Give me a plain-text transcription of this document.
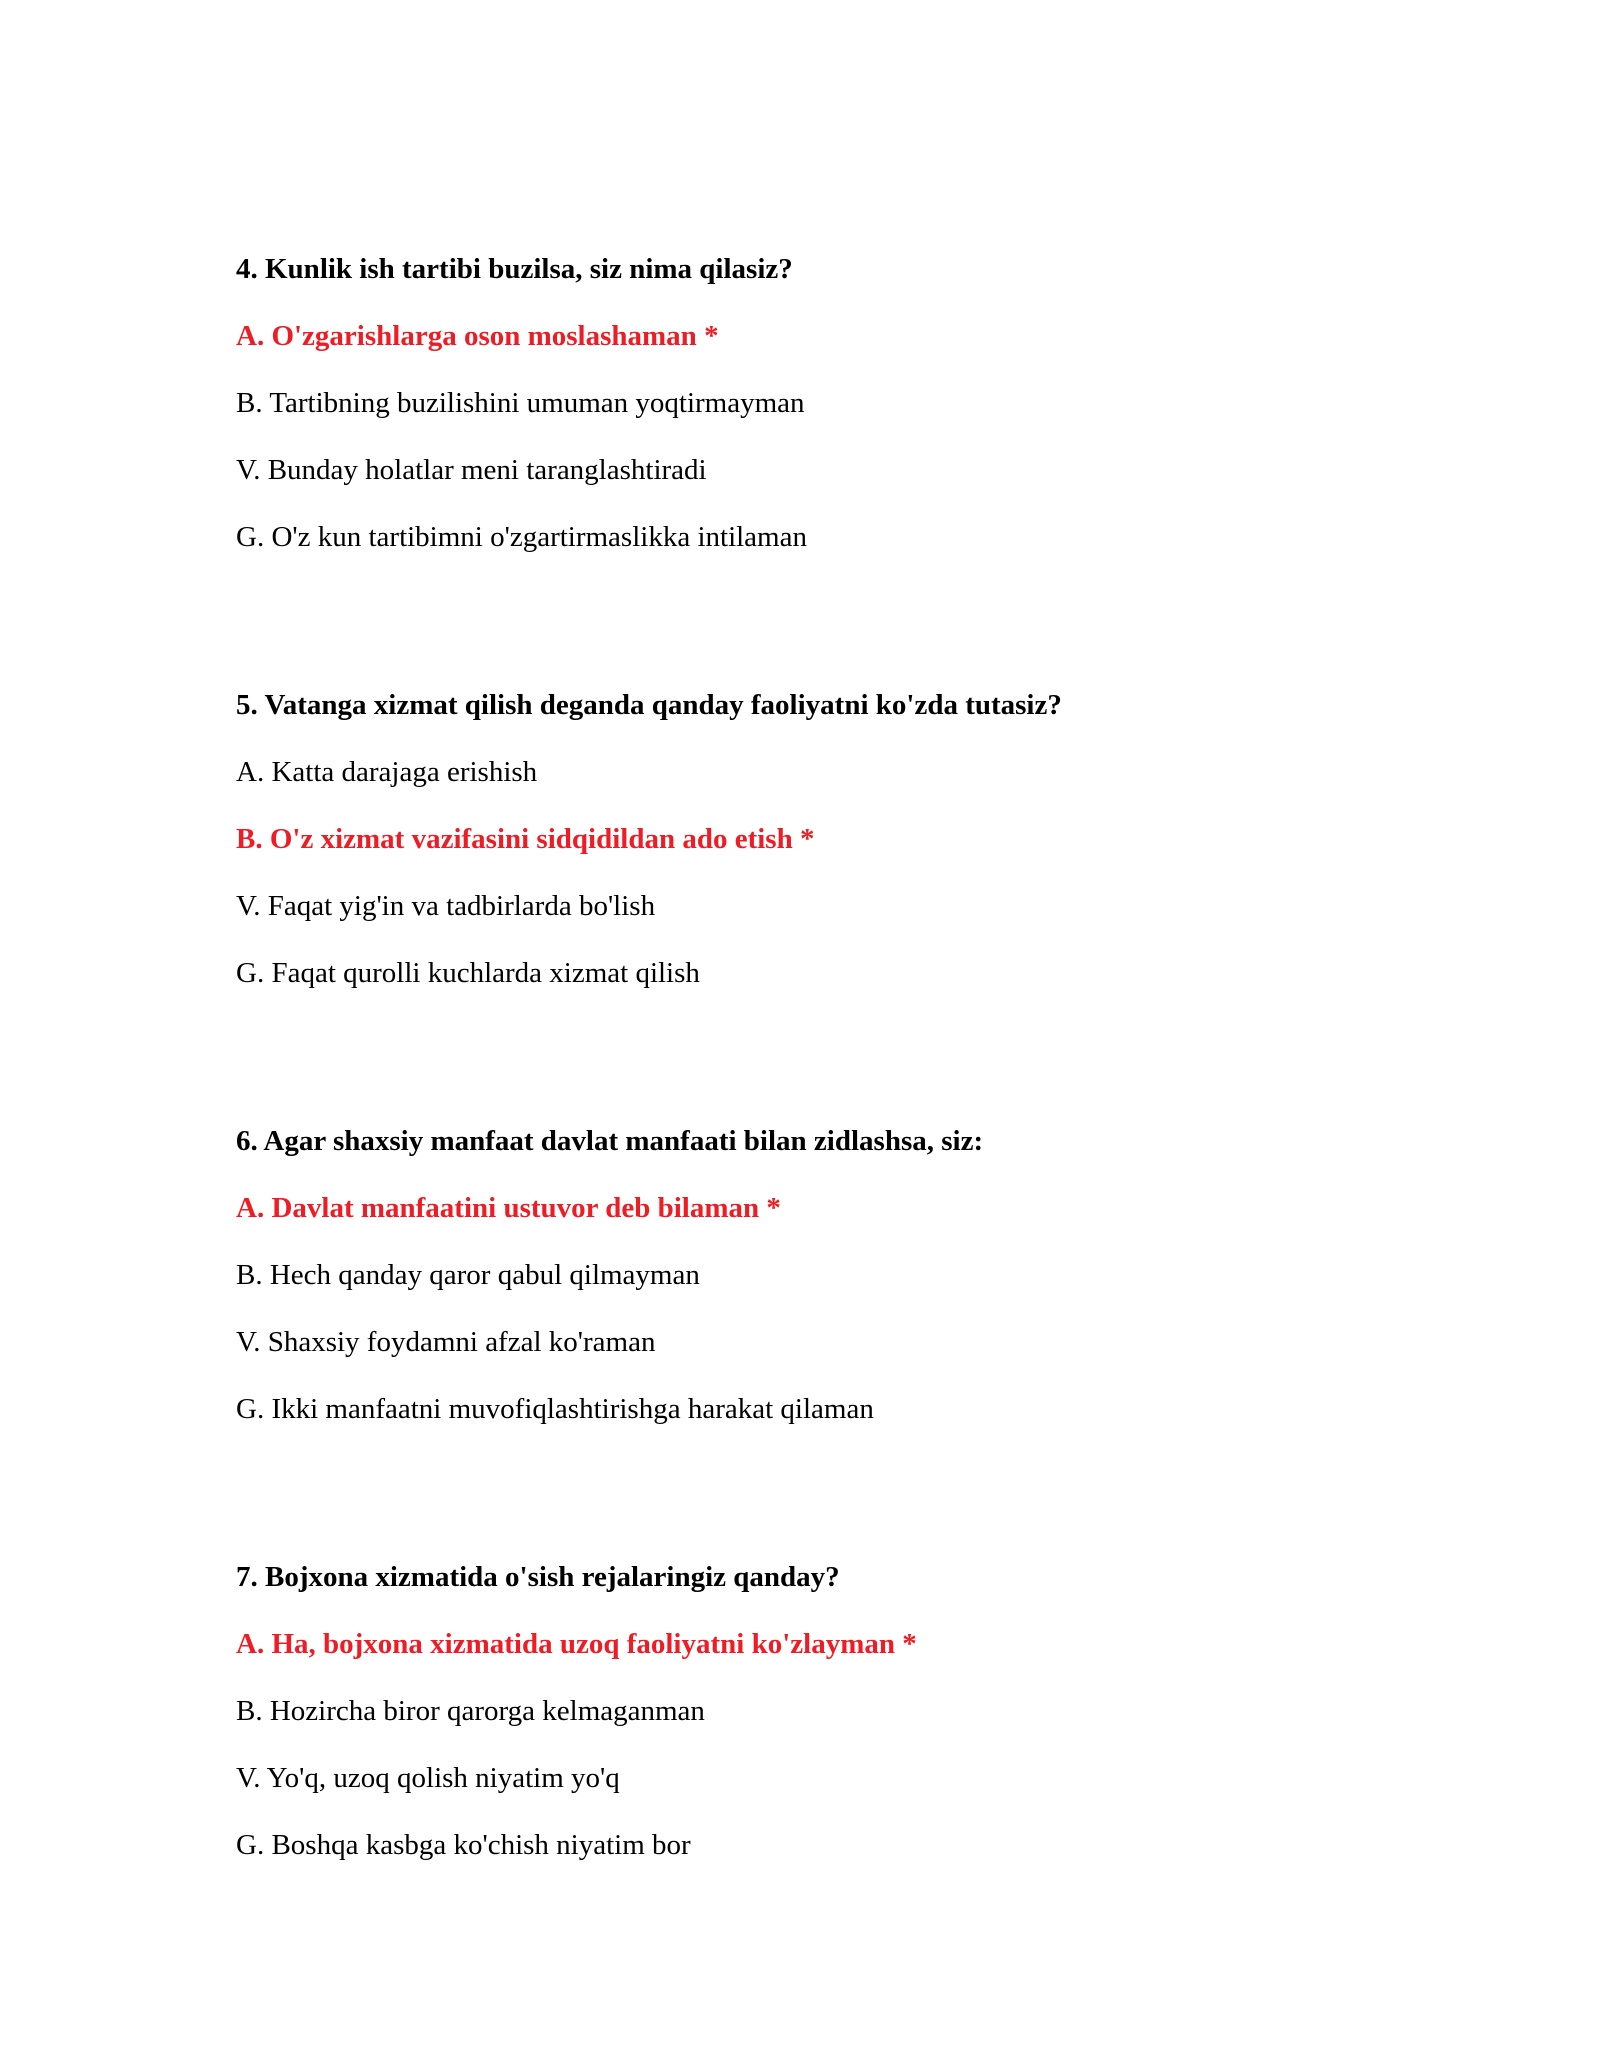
4. Kunlik ish tartibi buzilsa, siz nima qilasiz?
A. O'zgarishlarga oson moslashaman *
B. Tartibning buzilishini umuman yoqtirmayman
V. Bunday holatlar meni taranglashtiradi
G. O'z kun tartibimni o'zgartirmaslikka intilaman
5. Vatanga xizmat qilish deganda qanday faoliyatni ko'zda tutasiz?
A. Katta darajaga erishish
B. O'z xizmat vazifasini sidqidildan ado etish *
V. Faqat yig'in va tadbirlarda bo'lish
G. Faqat qurolli kuchlarda xizmat qilish
6. Agar shaxsiy manfaat davlat manfaati bilan zidlashsa, siz:
A. Davlat manfaatini ustuvor deb bilaman *
B. Hech qanday qaror qabul qilmayman
V. Shaxsiy foydamni afzal ko'raman
G. Ikki manfaatni muvofiqlashtirishga harakat qilaman
7. Bojxona xizmatida o'sish rejalaringiz qanday?
A. Ha, bojxona xizmatida uzoq faoliyatni ko'zlayman *
B. Hozircha biror qarorga kelmaganman
V. Yo'q, uzoq qolish niyatim yo'q
G. Boshqa kasbga ko'chish niyatim bor
